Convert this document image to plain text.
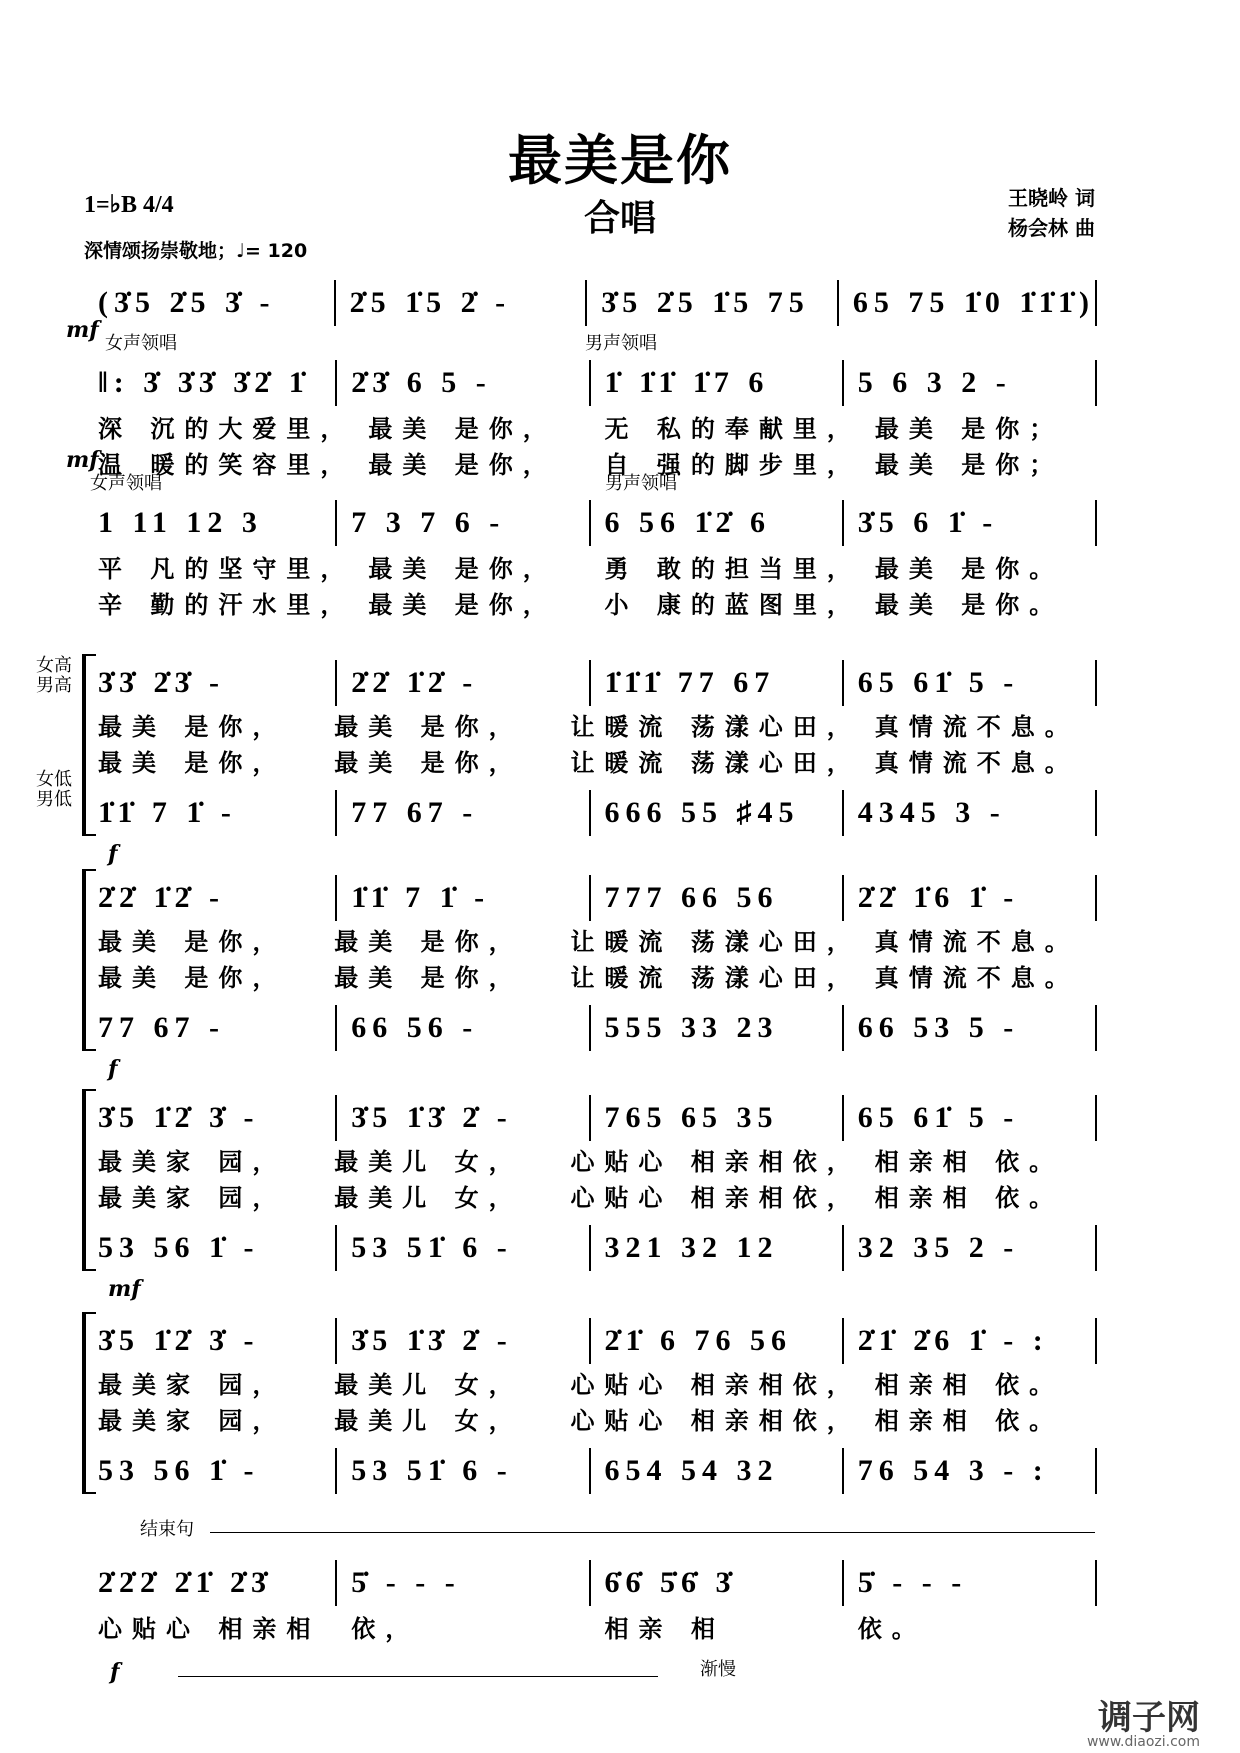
最美是你
合唱	王晓岭 词
杨会林 曲
1=♭B 4/4
深情颂扬崇敬地；♩= 120
(3̇5 2̇5 3̇ -	2̇5 1̇5 2̇ -	3̇5 2̇5 1̇5 75	65 75 1̇0 1̇1̇1̇)
女声领唱	男声领唱
mf
‖: 3̇ 3̇3̇ 3̇2̇ 1̇	2̇3̇ 6 5 -	1̇ 1̇1̇ 1̇7 6	5 6 3 2 -
深 沉的大爱里， 最美 是你，	无 私的奉献里， 最美 是你；
温 暖的笑容里， 最美 是你，	自 强的脚步里， 最美 是你；
mf
女声领唱	男声领唱
1 11 12 3	7 3 7 6 -	6 56 1̇2̇ 6	3̇5 6 1̇ -
平 凡的坚守里， 最美 是你，	勇 敢的担当里， 最美 是你。
辛 勤的汗水里， 最美 是你，	小 康的蓝图里， 最美 是你。
女高
男高
女低
男低
3̇3̇ 2̇3̇ -	2̇2̇ 1̇2̇ -	1̇1̇1̇ 77 67	65 61̇ 5 -
最美 是你，	最美 是你，	让暖流 荡漾心田， 真情流不息。
最美 是你，	最美 是你，	让暖流 荡漾心田， 真情流不息。
1̇1̇ 7 1̇ -	77 67 -	666 55 ♯45	4345 3 -
f
2̇2̇ 1̇2̇ -	1̇1̇ 7 1̇ -	777 66 56	2̇2̇ 1̇6 1̇ -
最美 是你，	最美 是你，	让暖流 荡漾心田， 真情流不息。
最美 是你，	最美 是你，	让暖流 荡漾心田， 真情流不息。
77 67 -	66 56 -	555 33 23	66 53 5 -
f
3̇5 1̇2̇ 3̇ -	3̇5 1̇3̇ 2̇ -	765 65 35	65 61̇ 5 -
最美家 园，	最美儿 女，	心贴心 相亲相依， 相亲相 依。
最美家 园，	最美儿 女，	心贴心 相亲相依， 相亲相 依。
53 56 1̇ -	53 51̇ 6 -	321 32 12	32 35 2 -
mf
3̇5 1̇2̇ 3̇ -	3̇5 1̇3̇ 2̇ -	2̇1̇ 6 76 56	2̇1̇ 2̇6 1̇ - :
最美家 园，	最美儿 女，	心贴心 相亲相依， 相亲相 依。
最美家 园，	最美儿 女，	心贴心 相亲相依， 相亲相 依。
53 56 1̇ -	53 51̇ 6 -	654 54 32	76 54 3 - :
结束句
2̇2̇2̇ 2̇1̇ 2̇3̇	5̇ - - -	6̇6̇ 5̇6̇ 3̇	5̇ - - -
心贴心 相亲相	依，	相亲 相	依。
f	渐慢
调子网
www.diaozi.com
